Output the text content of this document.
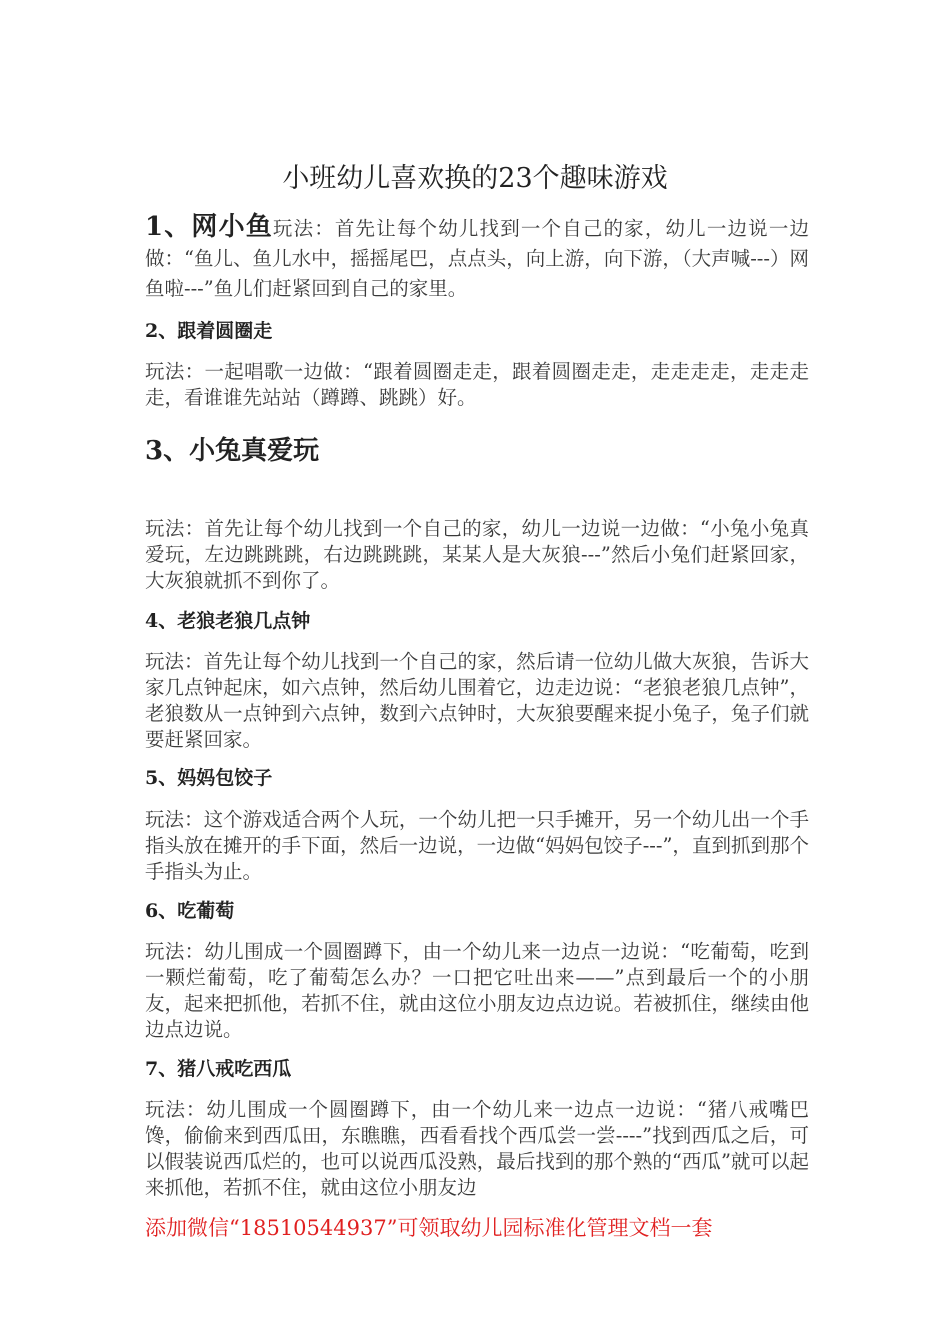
小班幼儿喜欢换的23个趣味游戏

1、网小鱼玩法：首先让每个幼儿找到一个自己的家，幼儿一边说一边做：“鱼儿、鱼儿水中，摇摇尾巴，点点头，向上游，向下游，（大声喊---）网鱼啦---”鱼儿们赶紧回到自己的家里。

2、跟着圆圈走

玩法：一起唱歌一边做：“跟着圆圈走走，跟着圆圈走走，走走走走，走走走走，看谁谁先站站（蹲蹲、跳跳）好。

3、小兔真爱玩

玩法：首先让每个幼儿找到一个自己的家，幼儿一边说一边做：“小兔小兔真爱玩，左边跳跳跳，右边跳跳跳，某某人是大灰狼---”然后小兔们赶紧回家，大灰狼就抓不到你了。

4、老狼老狼几点钟

玩法：首先让每个幼儿找到一个自己的家，然后请一位幼儿做大灰狼，告诉大家几点钟起床，如六点钟，然后幼儿围着它，边走边说：“老狼老狼几点钟”，老狼数从一点钟到六点钟，数到六点钟时，大灰狼要醒来捉小兔子，兔子们就要赶紧回家。

5、妈妈包饺子

玩法：这个游戏适合两个人玩，一个幼儿把一只手摊开，另一个幼儿出一个手指头放在摊开的手下面，然后一边说，一边做“妈妈包饺子---”，直到抓到那个手指头为止。

6、吃葡萄

玩法：幼儿围成一个圆圈蹲下，由一个幼儿来一边点一边说：“吃葡萄，吃到一颗烂葡萄，吃了葡萄怎么办？一口把它吐出来——”点到最后一个的小朋友，起来把抓他，若抓不住，就由这位小朋友边点边说。若被抓住，继续由他边点边说。

7、猪八戒吃西瓜

玩法：幼儿围成一个圆圈蹲下，由一个幼儿来一边点一边说：“猪八戒嘴巴馋，偷偷来到西瓜田，东瞧瞧，西看看找个西瓜尝一尝----”找到西瓜之后，可以假装说西瓜烂的，也可以说西瓜没熟，最后找到的那个熟的“西瓜”就可以起来抓他，若抓不住，就由这位小朋友边

添加微信“18510544937”可领取幼儿园标准化管理文档一套
